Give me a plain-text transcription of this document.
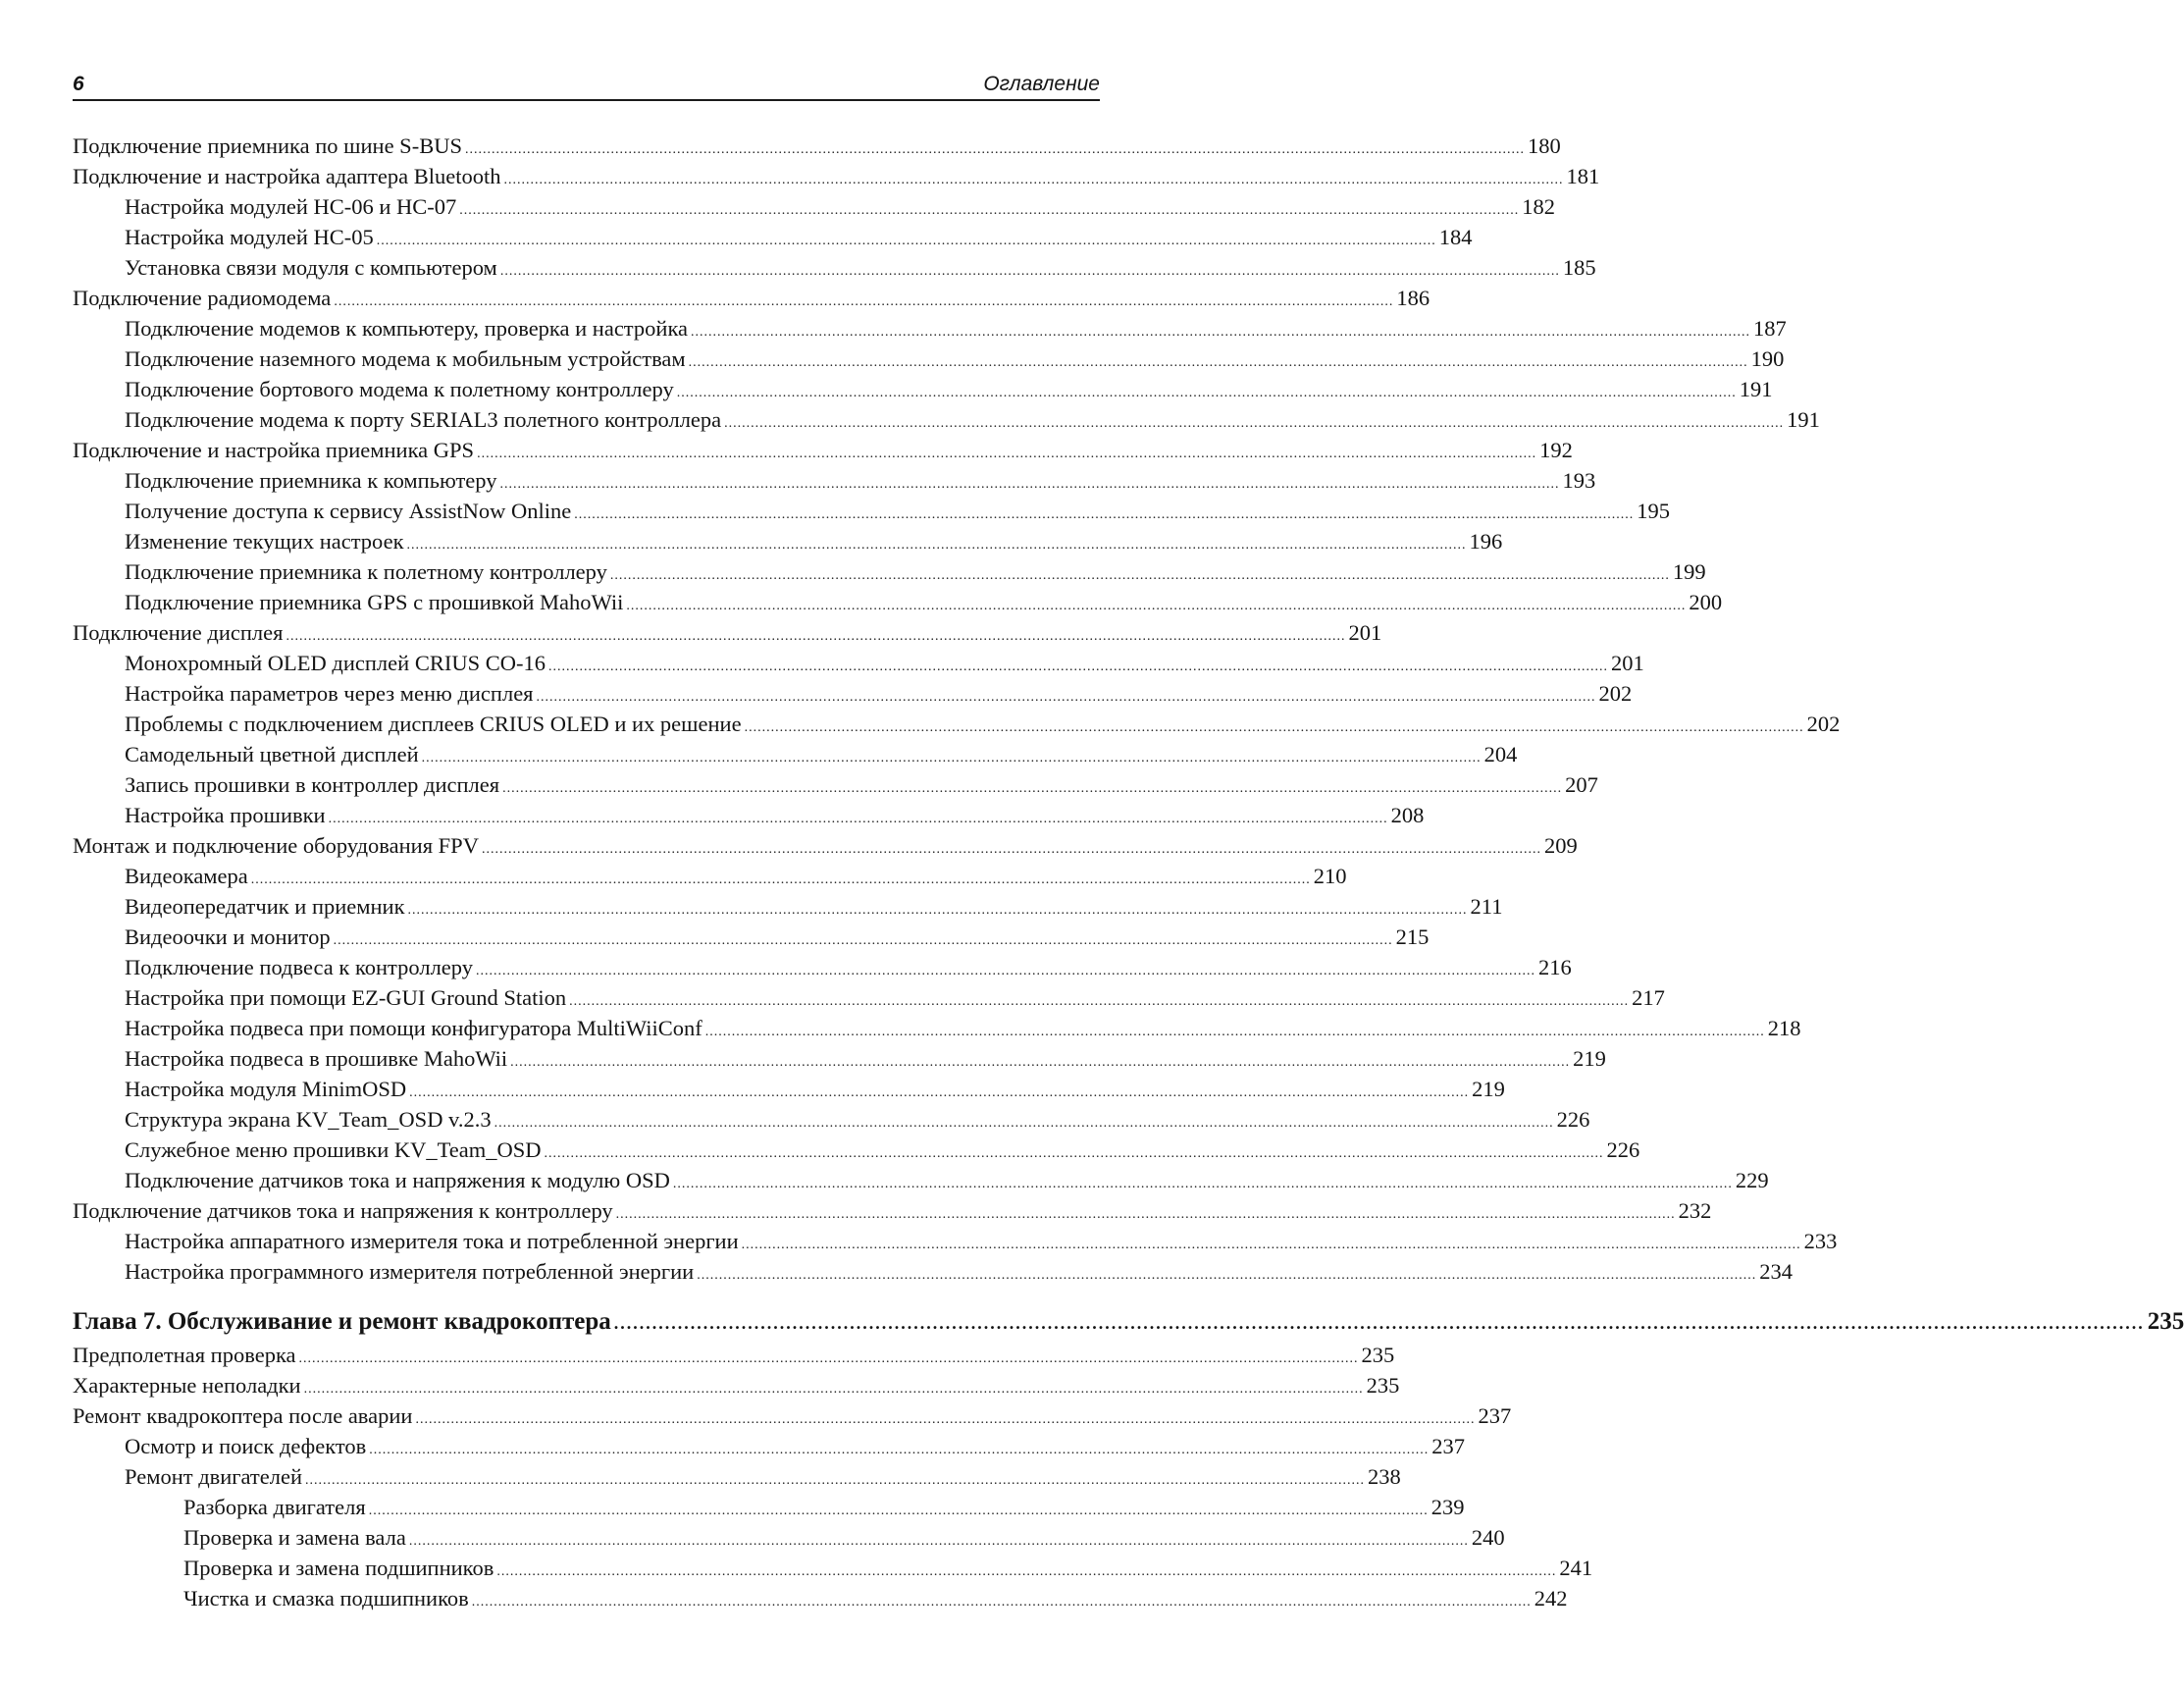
6	Оглавление
Подключение приемника по шине S-BUS ................................................................................................................................................................................................................................................ 180
Подключение и настройка адаптера Bluetooth ................................................................................................................................................................................................................................................ 181
Настройка модулей HC-06 и HC-07 ................................................................................................................................................................................................................................................ 182
Настройка модулей HC-05 ................................................................................................................................................................................................................................................ 184
Установка связи модуля с компьютером ................................................................................................................................................................................................................................................ 185
Подключение радиомодема ................................................................................................................................................................................................................................................ 186
Подключение модемов к компьютеру, проверка и настройка ................................................................................................................................................................................................................................................ 187
Подключение наземного модема к мобильным устройствам ................................................................................................................................................................................................................................................ 190
Подключение бортового модема к полетному контроллеру ................................................................................................................................................................................................................................................ 191
Подключение модема к порту SERIAL3 полетного контроллера ................................................................................................................................................................................................................................................ 191
Подключение и настройка приемника GPS ................................................................................................................................................................................................................................................ 192
Подключение приемника к компьютеру ................................................................................................................................................................................................................................................ 193
Получение доступа к сервису AssistNow Online ................................................................................................................................................................................................................................................ 195
Изменение текущих настроек ................................................................................................................................................................................................................................................ 196
Подключение приемника к полетному контроллеру ................................................................................................................................................................................................................................................ 199
Подключение приемника GPS с прошивкой MahoWii ................................................................................................................................................................................................................................................ 200
Подключение дисплея ................................................................................................................................................................................................................................................ 201
Монохромный OLED дисплей CRIUS CO-16 ................................................................................................................................................................................................................................................ 201
Настройка параметров через меню дисплея ................................................................................................................................................................................................................................................ 202
Проблемы с подключением дисплеев CRIUS OLED и их решение ................................................................................................................................................................................................................................................ 202
Самодельный цветной дисплей ................................................................................................................................................................................................................................................ 204
Запись прошивки в контроллер дисплея ................................................................................................................................................................................................................................................ 207
Настройка прошивки ................................................................................................................................................................................................................................................ 208
Монтаж и подключение оборудования FPV ................................................................................................................................................................................................................................................ 209
Видеокамера ................................................................................................................................................................................................................................................ 210
Видеопередатчик и приемник ................................................................................................................................................................................................................................................ 211
Видеоочки и монитор ................................................................................................................................................................................................................................................ 215
Подключение подвеса к контроллеру ................................................................................................................................................................................................................................................ 216
Настройка при помощи EZ-GUI Ground Station ................................................................................................................................................................................................................................................ 217
Настройка подвеса при помощи конфигуратора MultiWiiConf ................................................................................................................................................................................................................................................ 218
Настройка подвеса в прошивке MahoWii ................................................................................................................................................................................................................................................ 219
Настройка модуля MinimOSD ................................................................................................................................................................................................................................................ 219
Структура экрана KV_Team_OSD v.2.3 ................................................................................................................................................................................................................................................ 226
Служебное меню прошивки KV_Team_OSD ................................................................................................................................................................................................................................................ 226
Подключение датчиков тока и напряжения к модулю OSD ................................................................................................................................................................................................................................................ 229
Подключение датчиков тока и напряжения к контроллеру ................................................................................................................................................................................................................................................ 232
Настройка аппаратного измерителя тока и потребленной энергии ................................................................................................................................................................................................................................................ 233
Настройка программного измерителя потребленной энергии ................................................................................................................................................................................................................................................ 234
Глава 7. Обслуживание и ремонт квадрокоптера ................................................................................................................................................................................................................................................ 235
Предполетная проверка ................................................................................................................................................................................................................................................ 235
Характерные неполадки ................................................................................................................................................................................................................................................ 235
Ремонт квадрокоптера после аварии ................................................................................................................................................................................................................................................ 237
Осмотр и поиск дефектов ................................................................................................................................................................................................................................................ 237
Ремонт двигателей ................................................................................................................................................................................................................................................ 238
Разборка двигателя ................................................................................................................................................................................................................................................ 239
Проверка и замена вала ................................................................................................................................................................................................................................................ 240
Проверка и замена подшипников ................................................................................................................................................................................................................................................ 241
Чистка и смазка подшипников ................................................................................................................................................................................................................................................ 242
